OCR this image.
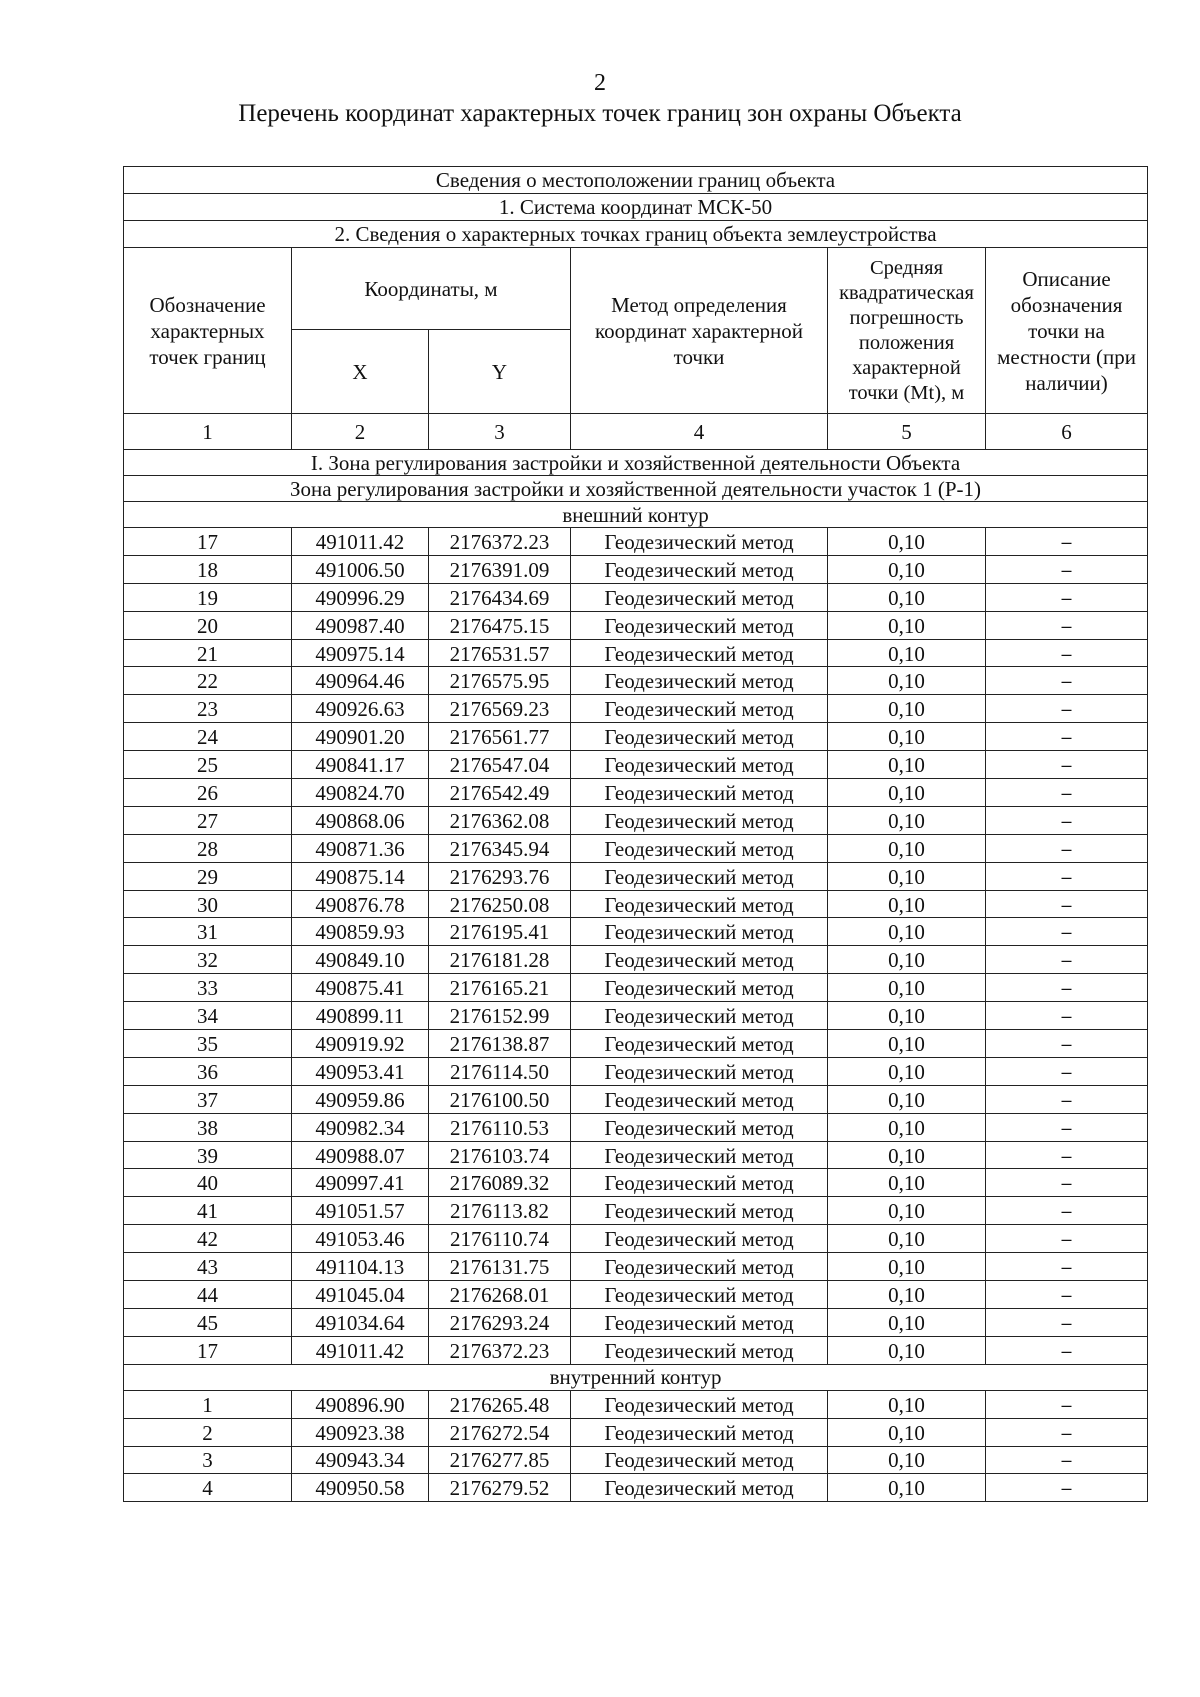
2
Перечень координат характерных точек границ зон охраны Объекта
Сведения о местоположении границ объекта					
1. Система координат МСК-50					
2. Сведения о характерных точках границ объекта землеустройства					
Обозначение характерных точек границ	Координаты, м		Метод определения координат характерной точки	Средняя квадратическая погрешность положения характерной точки (Mt), м	Описание обозначения точки на местности (при наличии)
	X	Y			
1	2	3	4	5	6
I. Зона регулирования застройки и хозяйственной деятельности Объекта					
Зона регулирования застройки и хозяйственной деятельности участок 1 (Р-1)					
внешний контур					
17	491011.42	2176372.23	Геодезический метод	0,10	–
18	491006.50	2176391.09	Геодезический метод	0,10	–
19	490996.29	2176434.69	Геодезический метод	0,10	–
20	490987.40	2176475.15	Геодезический метод	0,10	–
21	490975.14	2176531.57	Геодезический метод	0,10	–
22	490964.46	2176575.95	Геодезический метод	0,10	–
23	490926.63	2176569.23	Геодезический метод	0,10	–
24	490901.20	2176561.77	Геодезический метод	0,10	–
25	490841.17	2176547.04	Геодезический метод	0,10	–
26	490824.70	2176542.49	Геодезический метод	0,10	–
27	490868.06	2176362.08	Геодезический метод	0,10	–
28	490871.36	2176345.94	Геодезический метод	0,10	–
29	490875.14	2176293.76	Геодезический метод	0,10	–
30	490876.78	2176250.08	Геодезический метод	0,10	–
31	490859.93	2176195.41	Геодезический метод	0,10	–
32	490849.10	2176181.28	Геодезический метод	0,10	–
33	490875.41	2176165.21	Геодезический метод	0,10	–
34	490899.11	2176152.99	Геодезический метод	0,10	–
35	490919.92	2176138.87	Геодезический метод	0,10	–
36	490953.41	2176114.50	Геодезический метод	0,10	–
37	490959.86	2176100.50	Геодезический метод	0,10	–
38	490982.34	2176110.53	Геодезический метод	0,10	–
39	490988.07	2176103.74	Геодезический метод	0,10	–
40	490997.41	2176089.32	Геодезический метод	0,10	–
41	491051.57	2176113.82	Геодезический метод	0,10	–
42	491053.46	2176110.74	Геодезический метод	0,10	–
43	491104.13	2176131.75	Геодезический метод	0,10	–
44	491045.04	2176268.01	Геодезический метод	0,10	–
45	491034.64	2176293.24	Геодезический метод	0,10	–
17	491011.42	2176372.23	Геодезический метод	0,10	–
внутренний контур					
1	490896.90	2176265.48	Геодезический метод	0,10	–
2	490923.38	2176272.54	Геодезический метод	0,10	–
3	490943.34	2176277.85	Геодезический метод	0,10	–
4	490950.58	2176279.52	Геодезический метод	0,10	–
